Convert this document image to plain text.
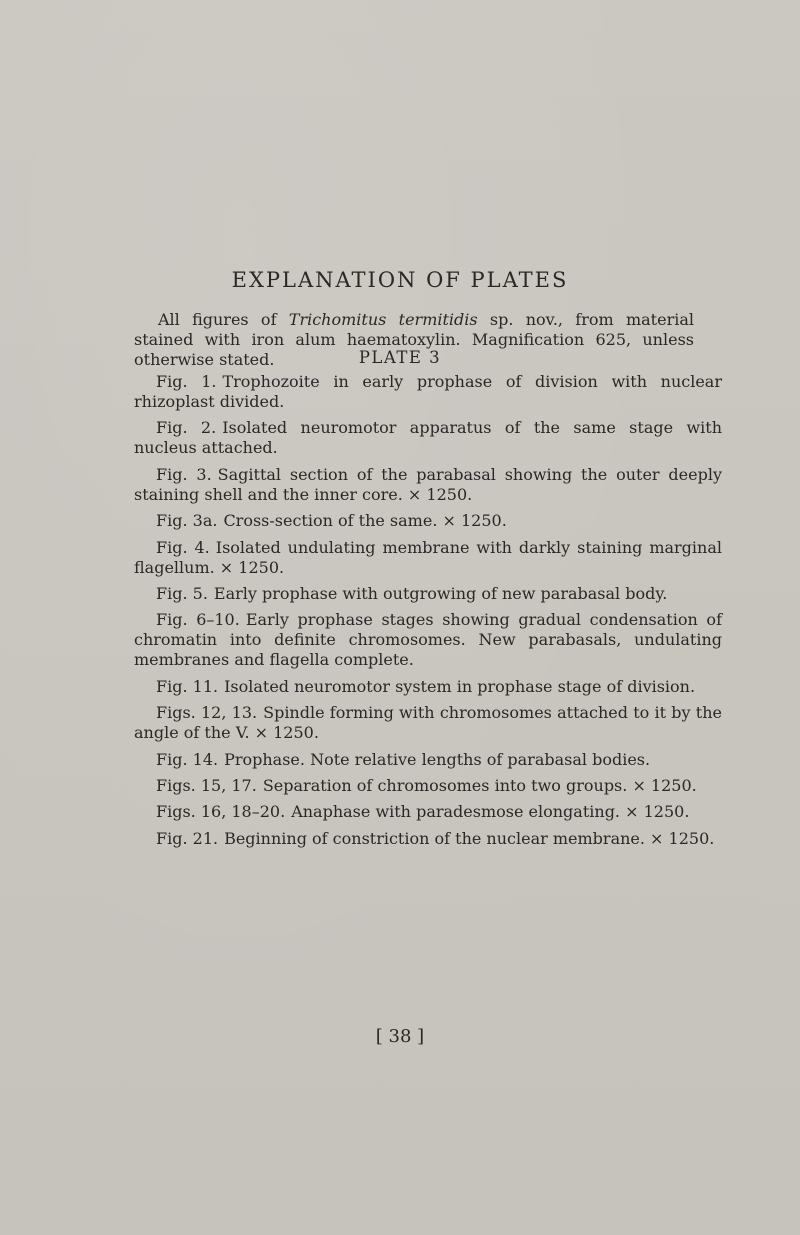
EXPLANATION OF PLATES

All figures of Trichomitus termitidis sp. nov., from material stained with iron alum haematoxylin. Magnification 625, unless otherwise stated.	PLATE 3
Fig. 1. Trophozoite in early prophase of division with nuclear rhizoplast divided.
Fig. 2. Isolated neuromotor apparatus of the same stage with nucleus attached.
Fig. 3. Sagittal section of the parabasal showing the outer deeply staining shell and the inner core. × 1250.
Fig. 3a. Cross-section of the same. × 1250.
Fig. 4. Isolated undulating membrane with darkly staining marginal flagellum. × 1250.
Fig. 5. Early prophase with outgrowing of new parabasal body.
Fig. 6–10. Early prophase stages showing gradual condensation of chromatin into definite chromosomes. New parabasals, undulating membranes and flagella complete.
Fig. 11. Isolated neuromotor system in prophase stage of division.
Figs. 12, 13. Spindle forming with chromosomes attached to it by the angle of the V. × 1250.
Fig. 14. Prophase. Note relative lengths of parabasal bodies.
Figs. 15, 17. Separation of chromosomes into two groups. × 1250.
Figs. 16, 18–20. Anaphase with paradesmose elongating. × 1250.
Fig. 21. Beginning of constriction of the nuclear membrane. × 1250.
[ 38 ]
